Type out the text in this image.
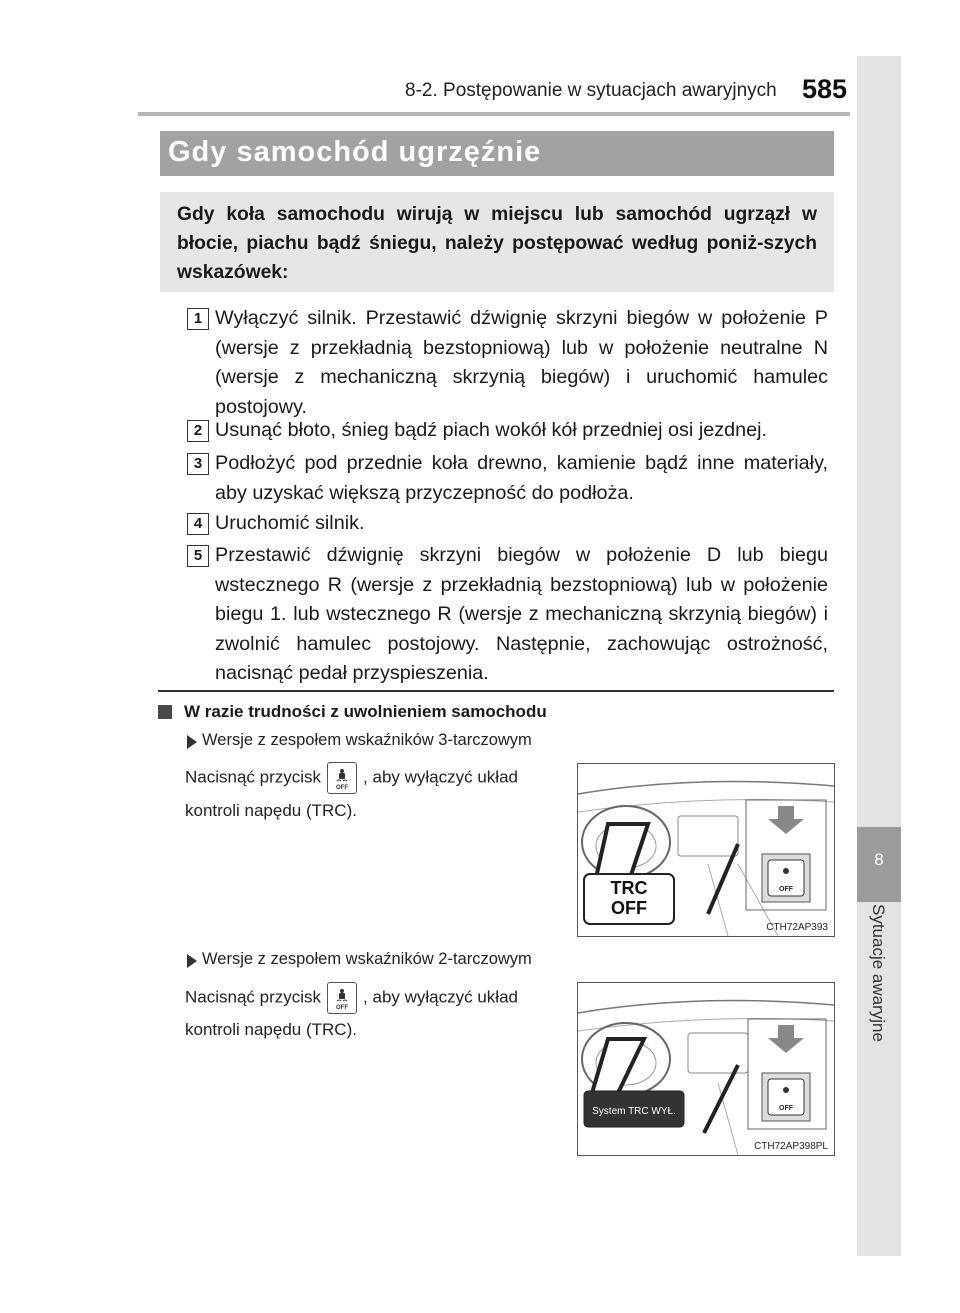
8-2. Postępowanie w sytuacjach awaryjnych 585
8
Sytuacje awaryjne
Gdy samochód ugrzęźnie

Gdy koła samochodu wirują w miejscu lub samochód ugrzązł w błocie, piachu bądź śniegu, należy postępować według poniż-szych wskazówek:

1 Wyłączyć silnik. Przestawić dźwignię skrzyni biegów w położenie P (wersje z przekładnią bezstopniową) lub w położenie neutralne N (wersje z mechaniczną skrzynią biegów) i uruchomić hamulec postojowy.

2 Usunąć błoto, śnieg bądź piach wokół kół przedniej osi jezdnej.

3 Podłożyć pod przednie koła drewno, kamienie bądź inne materiały, aby uzyskać większą przyczepność do podłoża.

4 Uruchomić silnik.

5 Przestawić dźwignię skrzyni biegów w położenie D lub biegu wstecznego R (wersje z przekładnią bezstopniową) lub w położenie biegu 1. lub wstecznego R (wersje z mechaniczną skrzynią biegów) i zwolnić hamulec postojowy. Następnie, zachowując ostrożność, nacisnąć pedał przyspieszenia.

W razie trudności z uwolnieniem samochodu
Wersje z zespołem wskaźników 3-tarczowym
Nacisnąć przycisk
OFF
, aby wyłączyć układ
kontroli napędu (TRC).
OFF
TRC
OFF
CTH72AP393
Wersje z zespołem wskaźników 2-tarczowym
Nacisnąć przycisk
OFF
, aby wyłączyć układ
kontroli napędu (TRC).
OFF
System TRC WYŁ.
CTH72AP398PL
